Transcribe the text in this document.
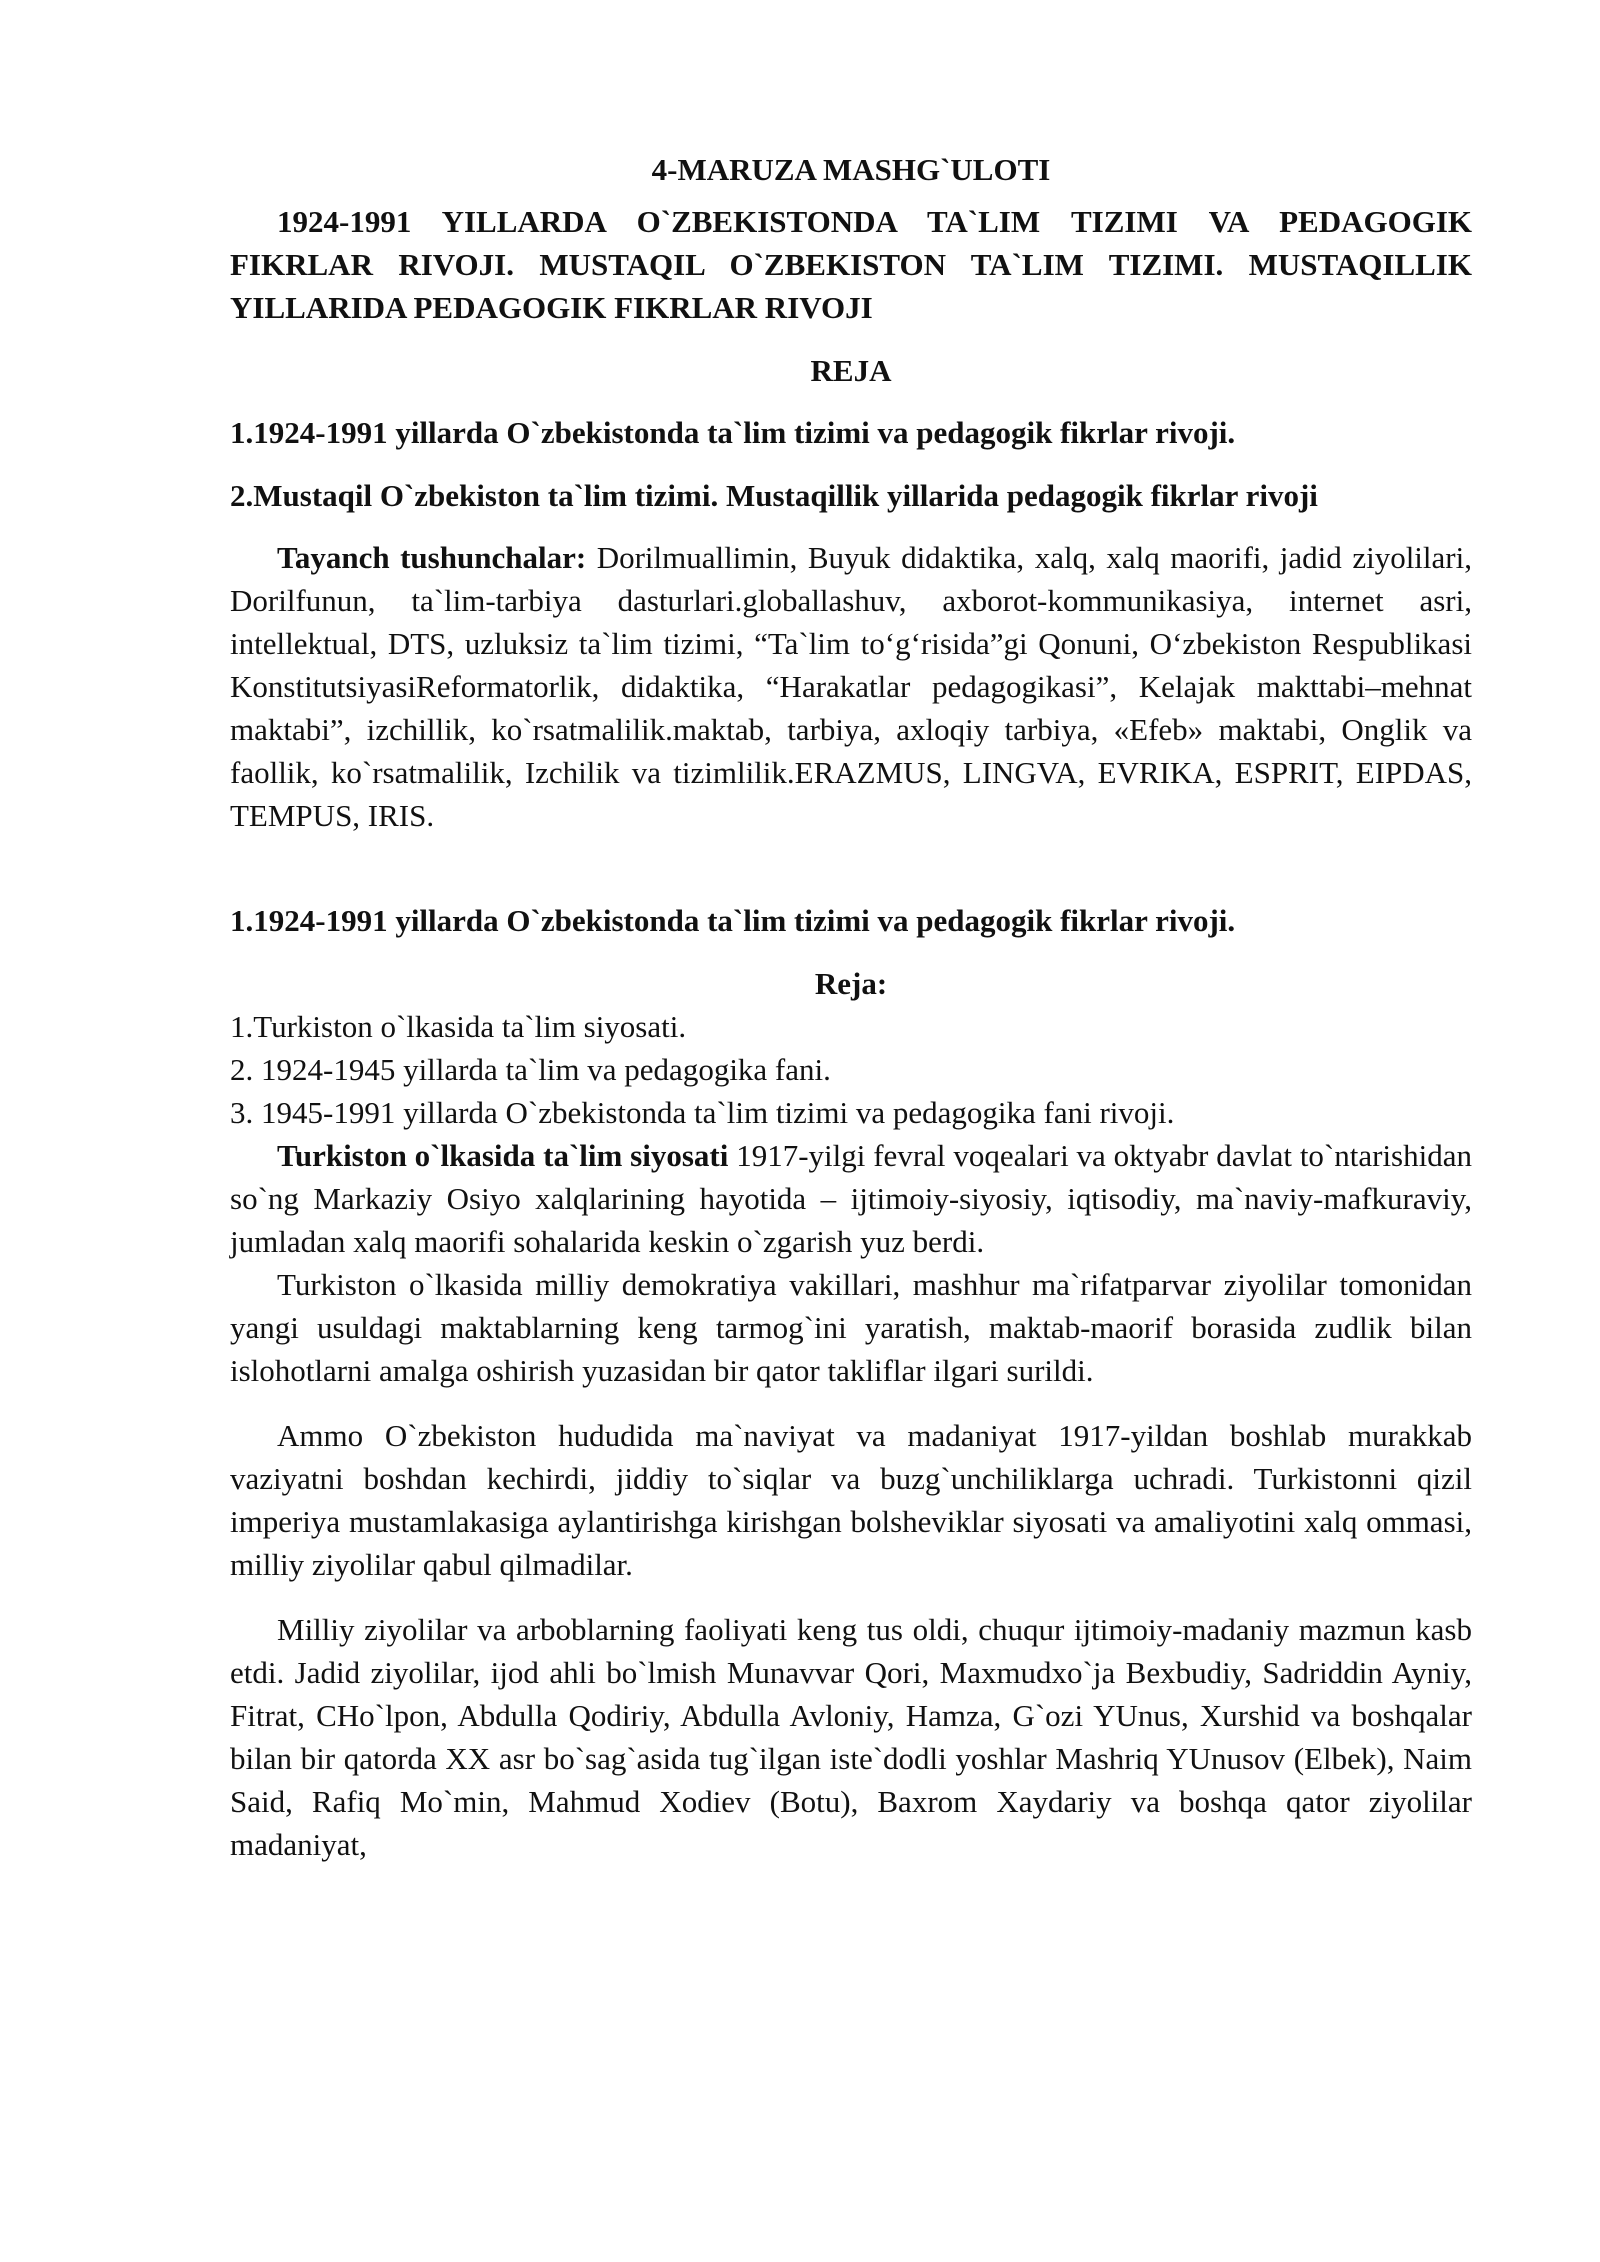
4-MARUZA MASHG`ULOTI

1924-1991 YILLARDA O`ZBEKISTONDA TA`LIM TIZIMI VA PEDAGOGIK FIKRLAR RIVOJI. MUSTAQIL O`ZBEKISTON TA`LIM TIZIMI. MUSTAQILLIK YILLARIDA PEDAGOGIK FIKRLAR RIVOJI

REJA

1.1924-1991 yillarda O`zbekistonda ta`lim tizimi va pedagogik fikrlar rivoji.

2.Mustaqil O`zbekiston ta`lim tizimi. Mustaqillik yillarida pedagogik fikrlar rivoji

Tayanch tushunchalar: Dorilmuallimin, Buyuk didaktika, xalq, xalq maorifi, jadid ziyolilari, Dorilfunun, ta`lim-tarbiya dasturlari.globallashuv, axborot-kommunikasiya, internet asri, intellektual, DTS, uzluksiz ta`lim tizimi, “Ta`lim to‘g‘risida”gi Qonuni, O‘zbekiston Respublikasi KonstitutsiyasiReformatorlik, didaktika, “Harakatlar pedagogikasi”, Kelajak makttabi–mehnat maktabi”, izchillik, ko`rsatmalilik.maktab, tarbiya, axloqiy tarbiya, «Efeb» maktabi, Onglik va faollik, ko`rsatmalilik, Izchilik va tizimlilik.ERAZMUS, LINGVA, EVRIKA, ESPRIT, EIPDAS, TEMPUS, IRIS.

1.1924-1991 yillarda O`zbekistonda ta`lim tizimi va pedagogik fikrlar rivoji.

Reja:

1.Turkiston o`lkasida ta`lim siyosati.

2. 1924-1945 yillarda ta`lim va pedagogika fani.

3. 1945-1991 yillarda O`zbekistonda ta`lim tizimi va pedagogika fani rivoji.

Turkiston o`lkasida ta`lim siyosati 1917-yilgi fevral voqealari va oktyabr davlat to`ntarishidan so`ng Markaziy Osiyo xalqlarining hayotida – ijtimoiy-siyosiy, iqtisodiy, ma`naviy-mafkuraviy, jumladan xalq maorifi sohalarida keskin o`zgarish yuz berdi.

Turkiston o`lkasida milliy demokratiya vakillari, mashhur ma`rifatparvar ziyolilar tomonidan yangi usuldagi maktablarning keng tarmog`ini yaratish, maktab-maorif borasida zudlik bilan islohotlarni amalga oshirish yuzasidan bir qator takliflar ilgari surildi.

Ammo O`zbekiston hududida ma`naviyat va madaniyat 1917-yildan boshlab murakkab vaziyatni boshdan kechirdi, jiddiy to`siqlar va buzg`unchiliklarga uchradi. Turkistonni qizil imperiya mustamlakasiga aylantirishga kirishgan bolsheviklar siyosati va amaliyotini xalq ommasi, milliy ziyolilar qabul qilmadilar.

Milliy ziyolilar va arboblarning faoliyati keng tus oldi, chuqur ijtimoiy-madaniy mazmun kasb etdi. Jadid ziyolilar, ijod ahli bo`lmish Munavvar Qori, Maxmudxo`ja Bexbudiy, Sadriddin Ayniy, Fitrat, CHo`lpon, Abdulla Qodiriy, Abdulla Avloniy, Hamza, G`ozi YUnus, Xurshid va boshqalar bilan bir qatorda XX asr bo`sag`asida tug`ilgan iste`dodli yoshlar Mashriq YUnusov (Elbek), Naim Said, Rafiq Mo`min, Mahmud Xodiev (Botu), Baxrom Xaydariy va boshqa qator ziyolilar madaniyat,
